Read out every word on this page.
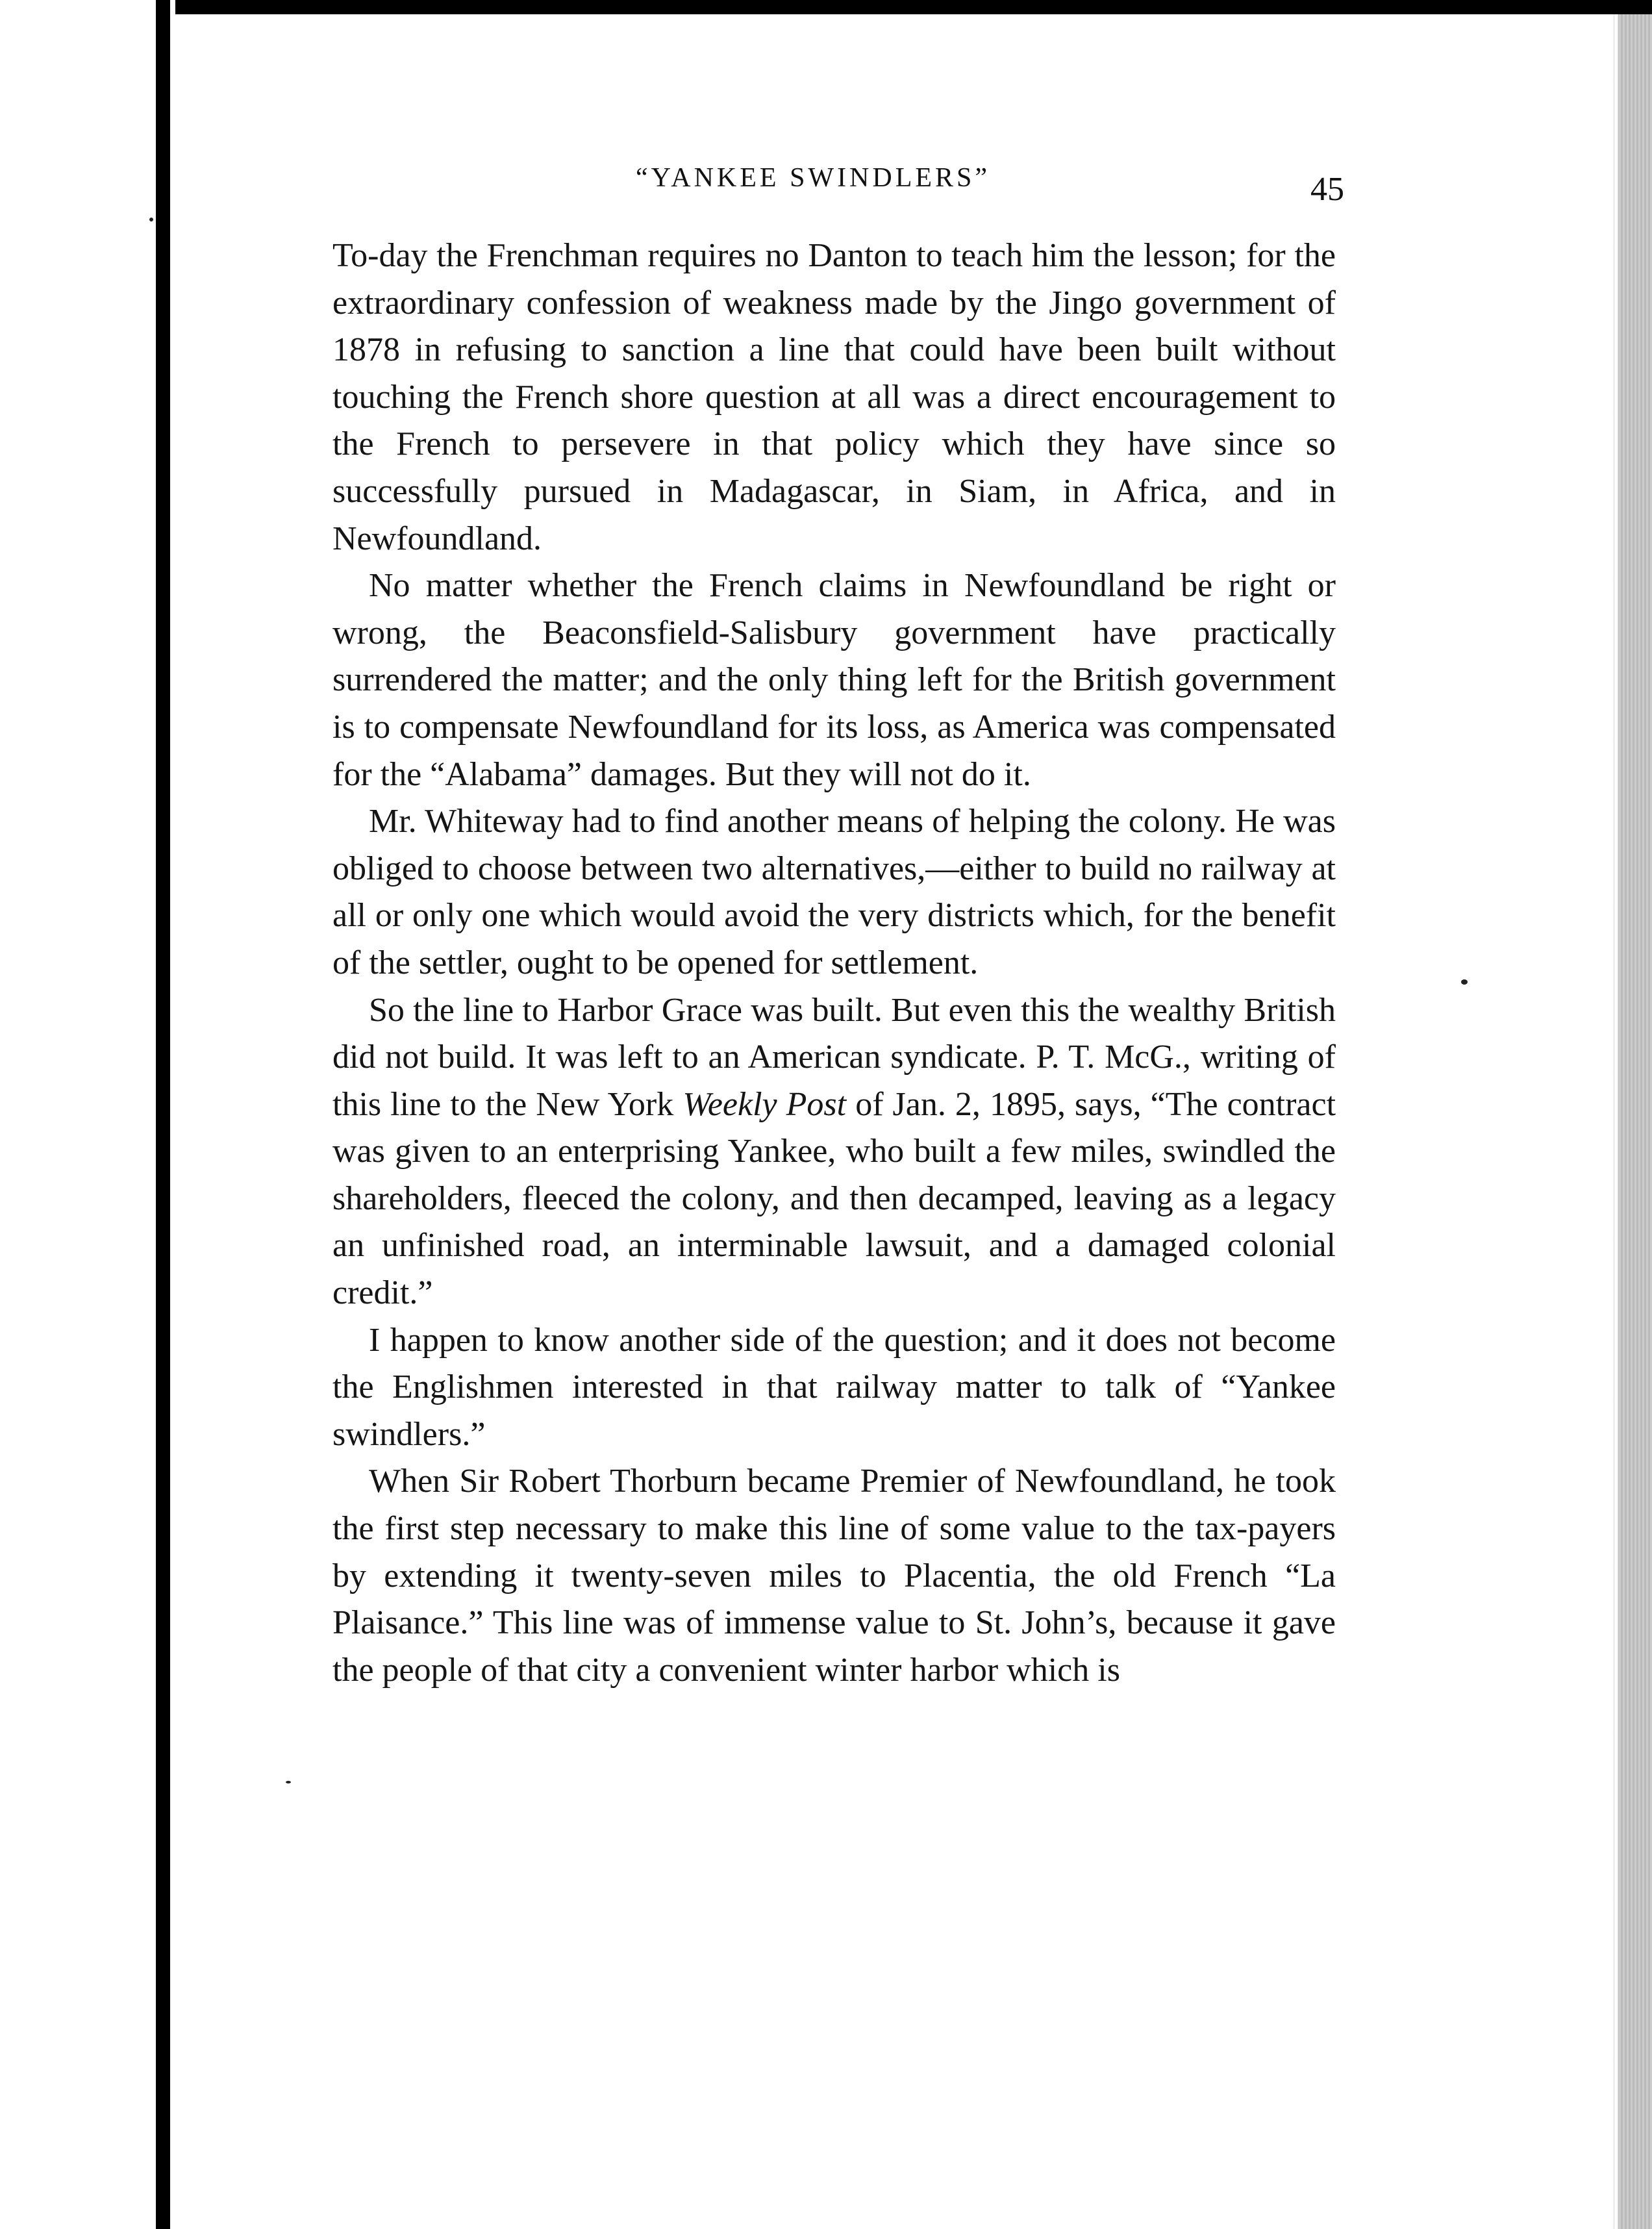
“YANKEE SWINDLERS”	45

To-day the Frenchman requires no Danton to teach him the lesson; for the extraordinary confession of weakness made by the Jingo government of 1878 in refusing to sanction a line that could have been built without touching the French shore question at all was a direct encouragement to the French to persevere in that policy which they have since so successfully pursued in Madagascar, in Siam, in Africa, and in Newfoundland.

No matter whether the French claims in Newfoundland be right or wrong, the Beaconsfield-Salisbury government have practically surrendered the matter; and the only thing left for the British government is to compensate Newfoundland for its loss, as America was compensated for the “Alabama” damages. But they will not do it.

Mr. Whiteway had to find another means of helping the colony. He was obliged to choose between two alternatives,—either to build no railway at all or only one which would avoid the very districts which, for the benefit of the settler, ought to be opened for settlement.

So the line to Harbor Grace was built. But even this the wealthy British did not build. It was left to an American syndicate. P. T. McG., writing of this line to the New York Weekly Post of Jan. 2, 1895, says, “The contract was given to an enterprising Yankee, who built a few miles, swindled the shareholders, fleeced the colony, and then decamped, leaving as a legacy an unfinished road, an interminable lawsuit, and a damaged colonial credit.”

I happen to know another side of the question; and it does not become the Englishmen interested in that railway matter to talk of “Yankee swindlers.”

When Sir Robert Thorburn became Premier of Newfoundland, he took the first step necessary to make this line of some value to the tax-payers by extending it twenty-seven miles to Placentia, the old French “La Plaisance.” This line was of immense value to St. John’s, because it gave the people of that city a convenient winter harbor which is
